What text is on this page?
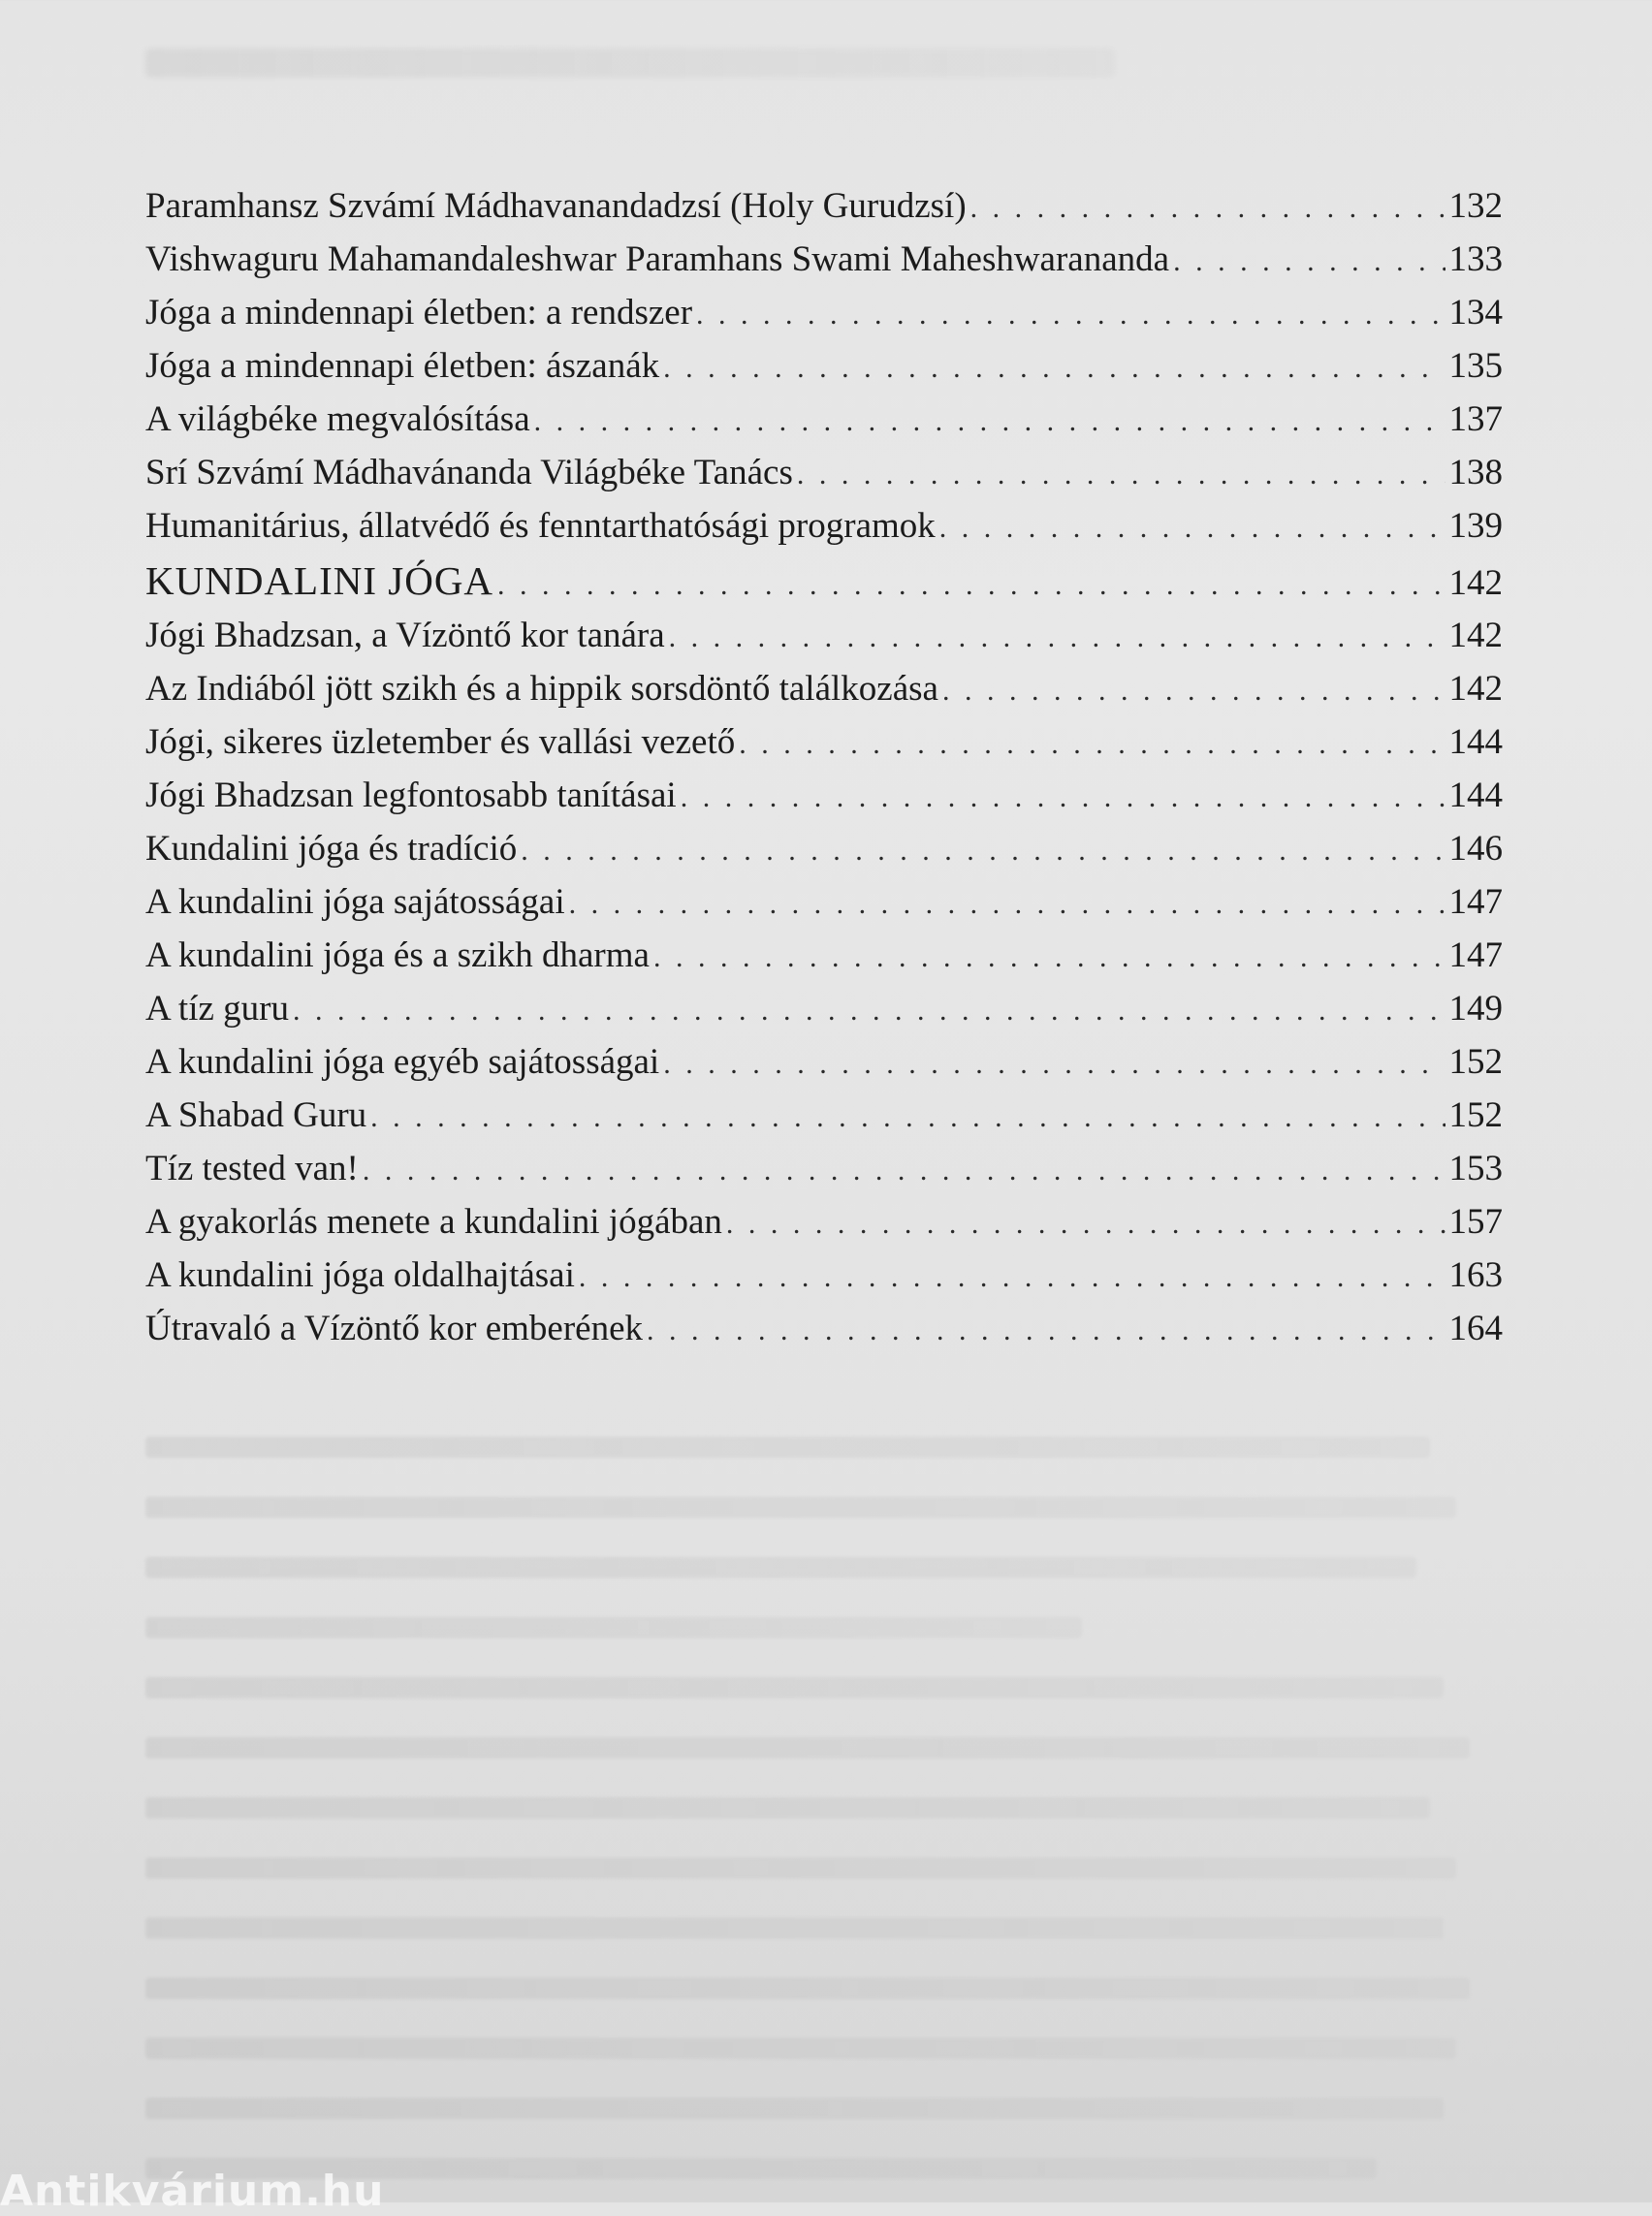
Paramhansz Szvámí Mádhavanandadzsí (Holy Gurudzsí) . . .	132
Vishwaguru Mahamandaleshwar Paramhans Swami Maheshwarananda . . .	133
Jóga a mindennapi életben: a rendszer . . .	134
Jóga a mindennapi életben: ászanák . . .	135
A világbéke megvalósítása . . .	137
Srí Szvámí Mádhavánanda Világbéke Tanács . . .	138
Humanitárius, állatvédő és fenntarthatósági programok . . .	139
KUNDALINI JÓGA . . .	142
Jógi Bhadzsan, a Vízöntő kor tanára . . .	142
Az Indiából jött szikh és a hippik sorsdöntő találkozása . . .	142
Jógi, sikeres üzletember és vallási vezető . . .	144
Jógi Bhadzsan legfontosabb tanításai . . .	144
Kundalini jóga és tradíció . . .	146
A kundalini jóga sajátosságai . . .	147
A kundalini jóga és a szikh dharma . . .	147
A tíz guru . . .	149
A kundalini jóga egyéb sajátosságai . . .	152
A Shabad Guru . . .	152
Tíz tested van! . . .	153
A gyakorlás menete a kundalini jógában . . .	157
A kundalini jóga oldalhajtásai . . .	163
Útravaló a Vízöntő kor emberének . . .	164
Antikvárium.hu
